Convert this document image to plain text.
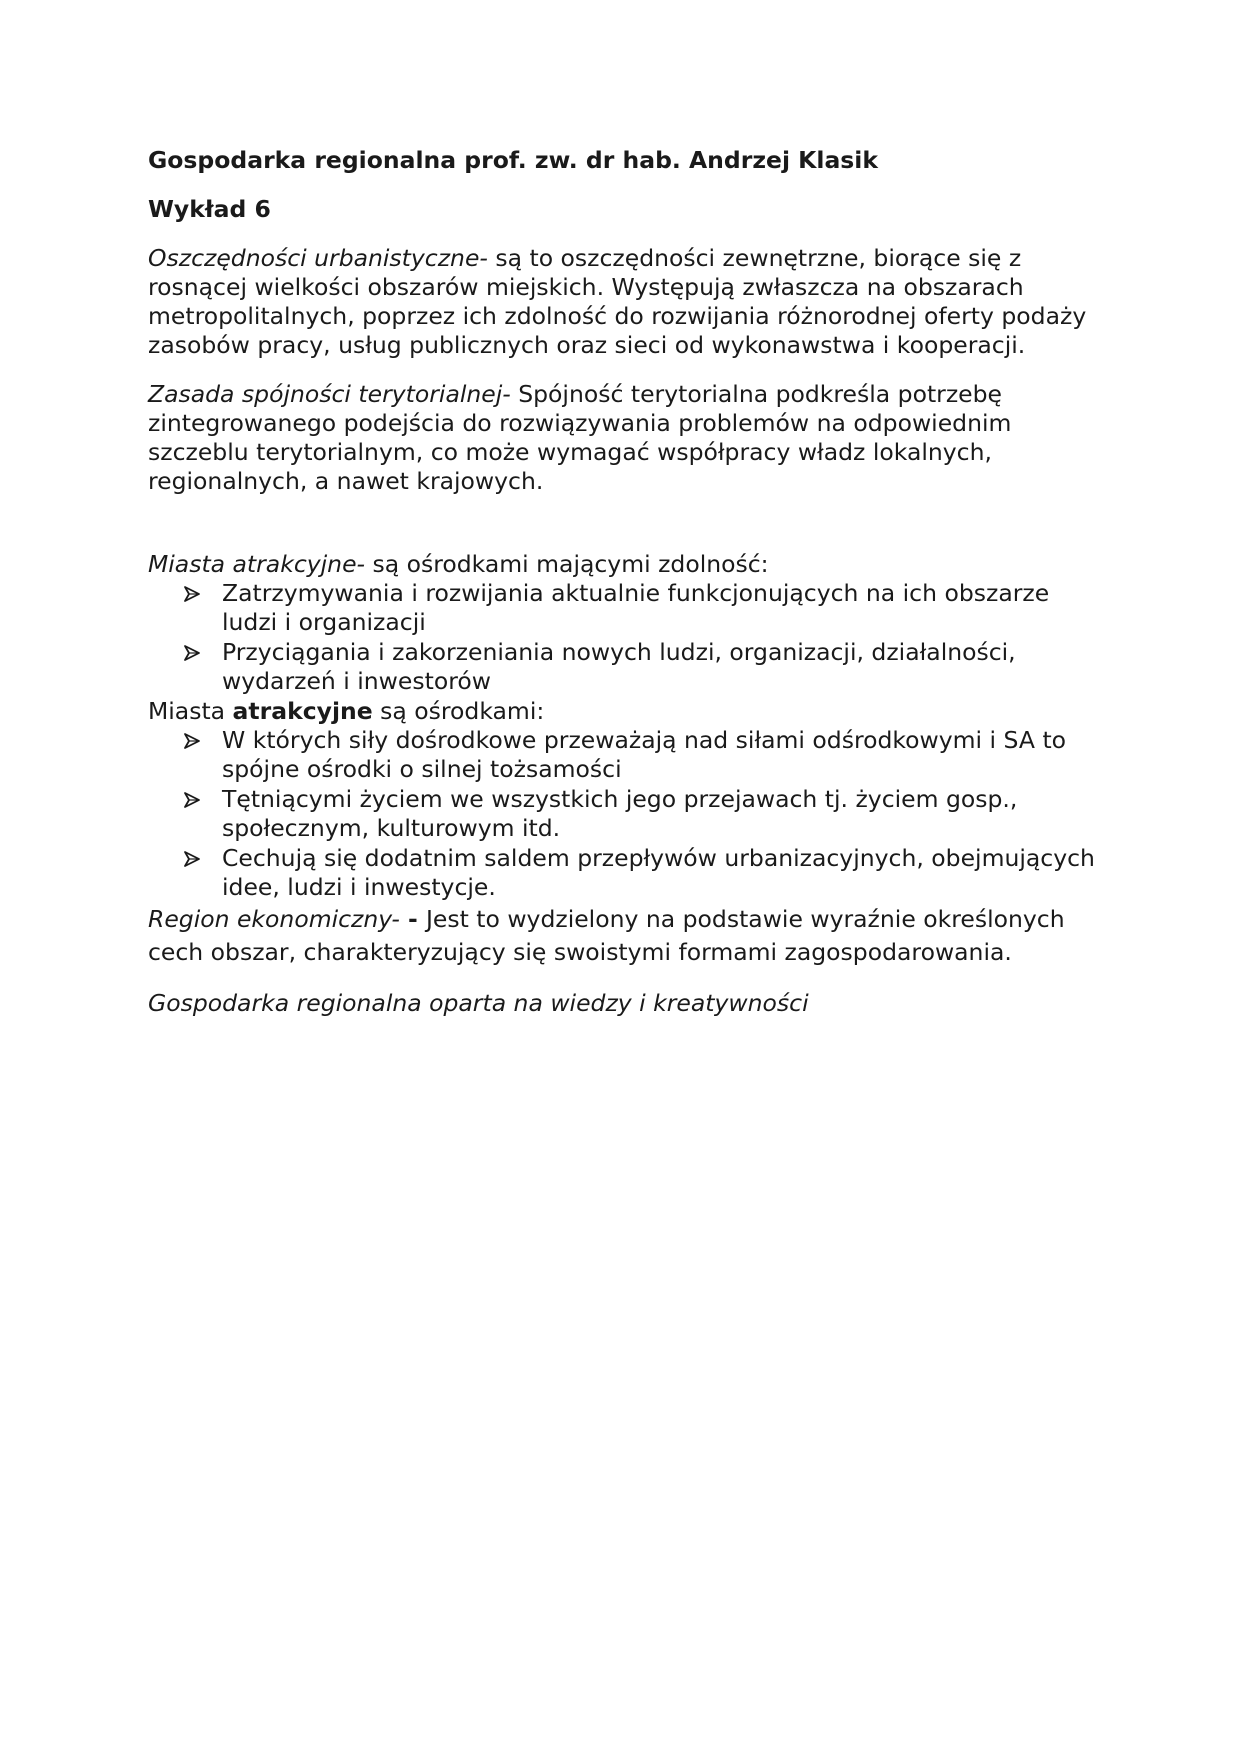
Gospodarka regionalna prof. zw. dr hab. Andrzej Klasik
Wykład 6

Oszczędności urbanistyczne- są to oszczędności zewnętrzne, biorące się z rosnącej wielkości obszarów miejskich. Występują zwłaszcza na obszarach metropolitalnych, poprzez ich zdolność do rozwijania różnorodnej oferty podaży zasobów pracy, usług publicznych oraz sieci od wykonawstwa i kooperacji.

Zasada spójności terytorialnej- Spójność terytorialna podkreśla potrzebę zintegrowanego podejścia do rozwiązywania problemów na odpowiednim szczeblu terytorialnym, co może wymagać współpracy władz lokalnych, regionalnych, a nawet krajowych.

Miasta atrakcyjne- są ośrodkami mającymi zdolność:
Zatrzymywania i rozwijania aktualnie funkcjonujących na ich obszarze ludzi i organizacji
Przyciągania i zakorzeniania nowych ludzi, organizacji, działalności, wydarzeń i inwestorów
Miasta atrakcyjne są ośrodkami:
W których siły dośrodkowe przeważają nad siłami odśrodkowymi i SA to spójne ośrodki o silnej tożsamości
Tętniącymi życiem we wszystkich jego przejawach tj. życiem gosp., społecznym, kulturowym itd.
Cechują się dodatnim saldem przepływów urbanizacyjnych, obejmujących idee, ludzi i inwestycje.

Region ekonomiczny- - Jest to wydzielony na podstawie wyraźnie określonych cech obszar, charakteryzujący się swoistymi formami zagospodarowania.

Gospodarka regionalna oparta na wiedzy i kreatywności
